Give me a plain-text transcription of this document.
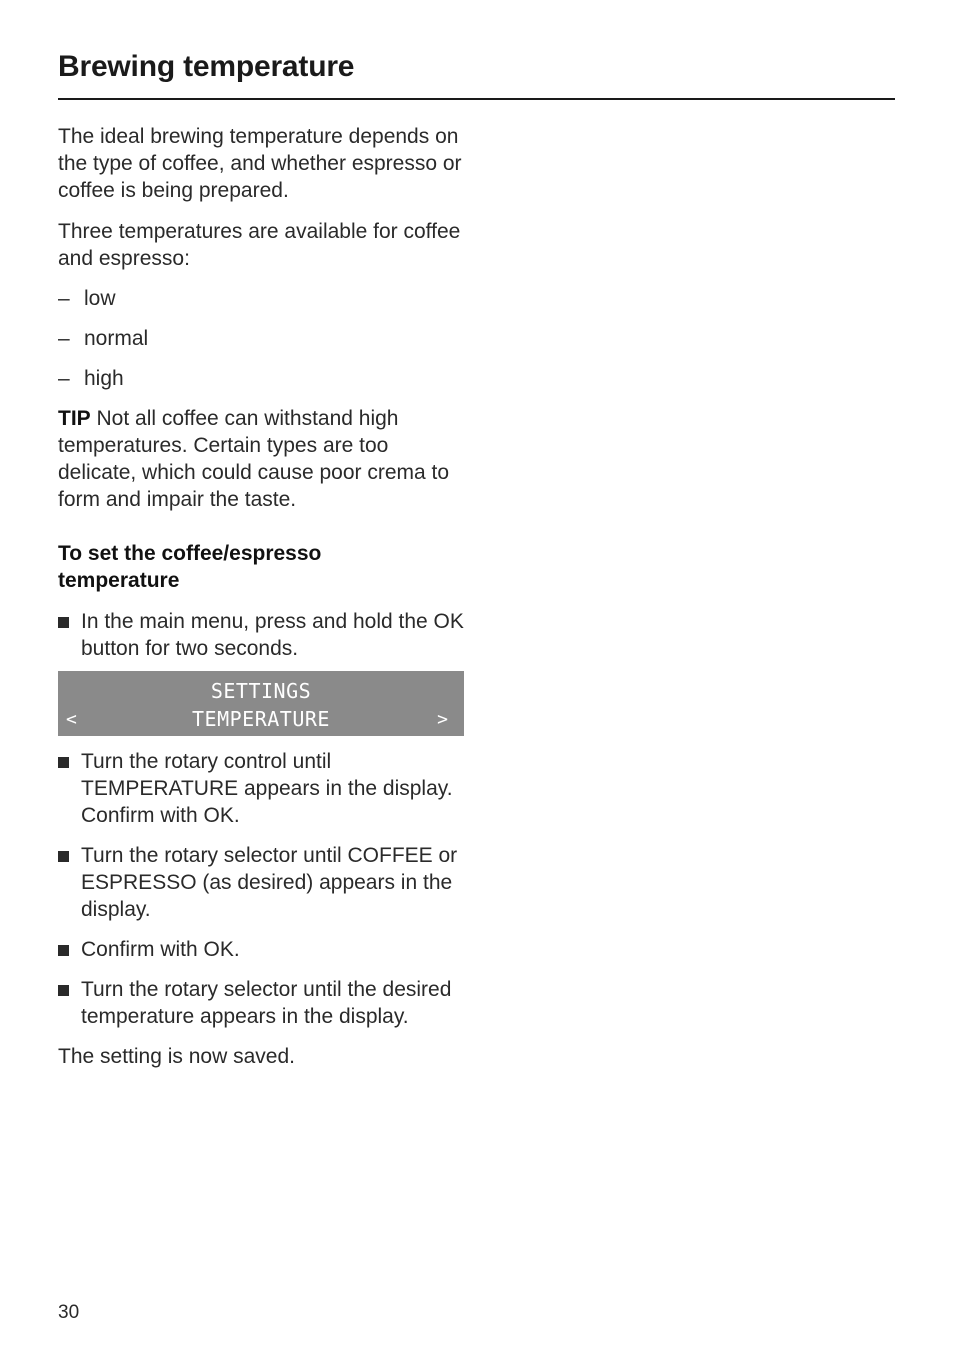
Brewing temperature

The ideal brewing temperature depends on the type of coffee, and whether espresso or coffee is being prepared.

Three temperatures are available for coffee and espresso:

– low
– normal
– high

TIP Not all coffee can withstand high temperatures. Certain types are too delicate, which could cause poor crema to form and impair the taste.

To set the coffee/espresso temperature

In the main menu, press and hold the OK button for two seconds.
SETTINGS
<	TEMPERATURE	>
Turn the rotary control until TEMPERATURE appears in the display. Confirm with OK.
Turn the rotary selector until COFFEE or ESPRESSO (as desired) appears in the display.
Confirm with OK.
Turn the rotary selector until the desired temperature appears in the display.

The setting is now saved.

30
